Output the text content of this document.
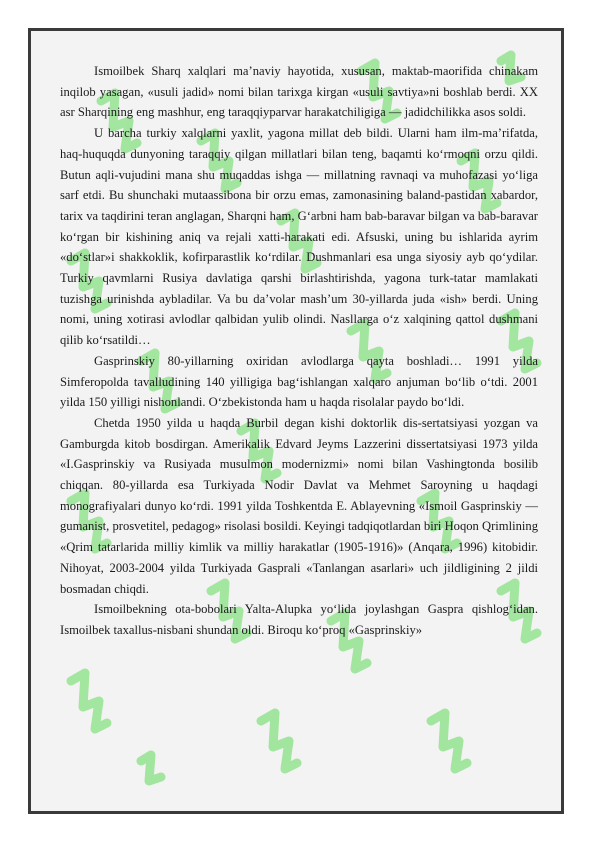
Ismoilbek Sharq xalqlari ma’naviy hayotida, xususan, maktab-maorifida chinakam inqilob yasagan, «usuli jadid» nomi bilan tarixga kirgan «usuli savtiya»ni boshlab berdi. XX asr Sharqining eng mashhur, eng taraqqiyparvar harakatchiligiga — jadidchilikka asos soldi.

U barcha turkiy xalqlarni yaxlit, yagona millat deb bildi. Ularni ham ilm-ma’rifatda, haq-huquqda dunyoning taraqqiy qilgan millatlari bilan teng, baqamti ko‘rmoqni orzu qildi. Butun aqli-vujudini mana shu muqaddas ishga — millatning ravnaqi va muhofazasi yo‘liga sarf etdi. Bu shunchaki mutaassibona bir orzu emas, zamonasining baland-pastidan xabardor, tarix va taqdirini teran anglagan, Sharqni ham, G‘arbni ham bab-baravar bilgan va bab-baravar ko‘rgan bir kishining aniq va rejali xatti-harakati edi. Afsuski, uning bu ishlarida ayrim «do‘stlar»i shakkoklik, kofirparastlik ko‘rdilar. Dushmanlari esa unga siyosiy ayb qo‘ydilar. Turkiy qavmlarni Rusiya davlatiga qarshi birlashtirishda, yagona turk-tatar mamlakati tuzishga urinishda aybladilar. Va bu da’volar mash’um 30-yillarda juda «ish» berdi. Uning nomi, uning xotirasi avlodlar qalbidan yulib olindi. Nasllarga o‘z xalqining qattol dushmani qilib ko‘rsatildi…

Gasprinskiy 80-yillarning oxiridan avlodlarga qayta boshladi… 1991 yilda Simferopolda tavalludining 140 yilligiga bag‘ishlangan xalqaro anjuman bo‘lib o‘tdi. 2001 yilda 150 yilligi nishonlandi. O‘zbekistonda ham u haqda risolalar paydo bo‘ldi.

Chetda 1950 yilda u haqda Burbil degan kishi doktorlik dis-sertatsiyasi yozgan va Gamburgda kitob bosdirgan. Amerikalik Edvard Jeyms Lazzerini dissertatsiyasi 1973 yilda «I.Gasprinskiy va Rusiyada musulmon modernizmi» nomi bilan Vashingtonda bosilib chiqqan. 80-yillarda esa Turkiyada Nodir Davlat va Mehmet Saroyning u haqdagi monografiyalari dunyo ko‘rdi. 1991 yilda Toshkentda E. Ablayevning «Ismoil Gasprinskiy — gumanist, prosvetitel, pedagog» risolasi bosildi. Keyingi tadqiqotlardan biri Hoqon Qrimlining «Qrim tatarlarida milliy kimlik va milliy harakatlar (1905-1916)» (Anqara, 1996) kitobidir. Nihoyat, 2003-2004 yilda Turkiyada Gasprali «Tanlangan asarlari» uch jildligining 2 jildi bosmadan chiqdi.

Ismoilbekning ota-bobolari Yalta-Alupka yo‘lida joylashgan Gaspra qishlog‘idan. Ismoilbek taxallus-nisbani shundan oldi. Biroqu ko‘proq «Gasprinskiy»
